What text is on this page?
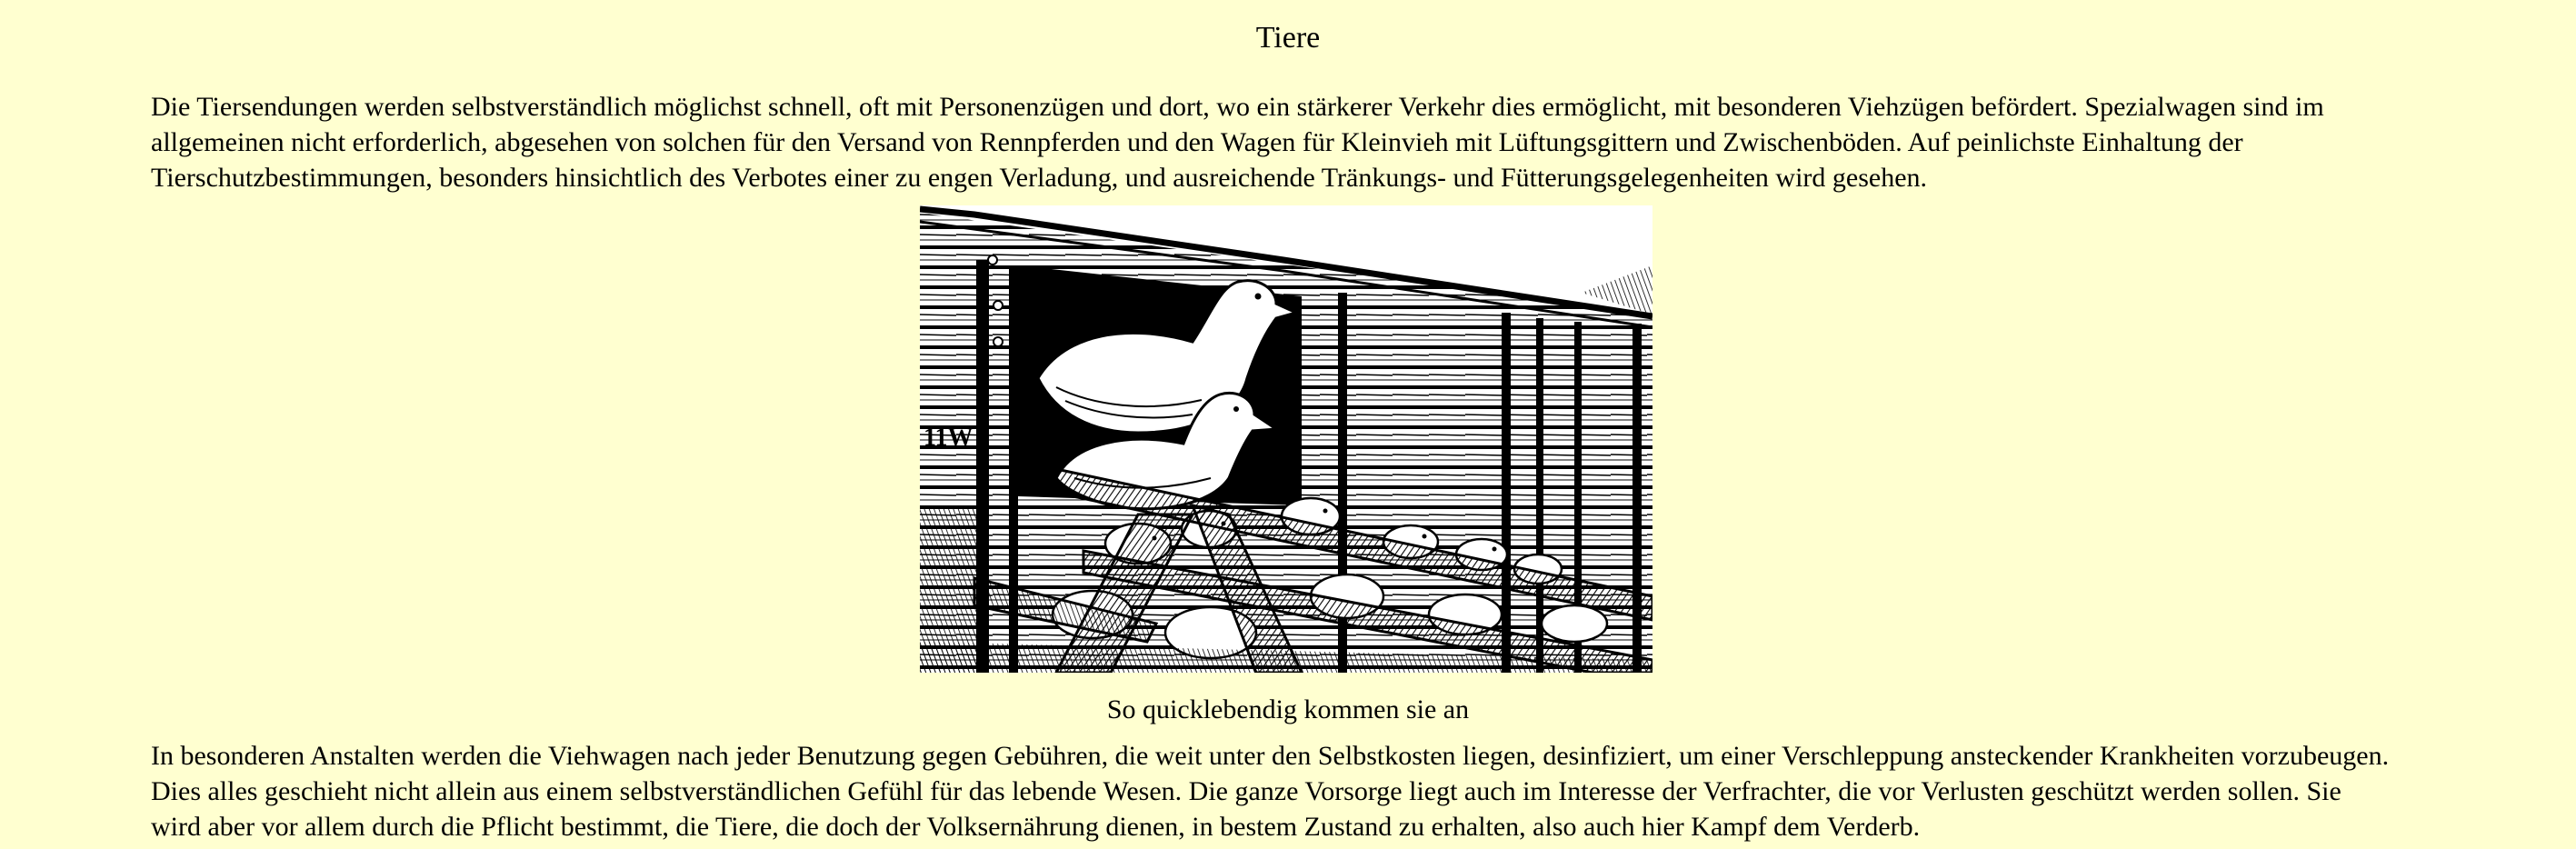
Tiere

Die Tiersendungen werden selbstverständlich möglichst schnell, oft mit Personenzügen und dort, wo ein stärkerer Verkehr dies ermöglicht, mit besonderen Viehzügen befördert. Spezialwagen sind im allgemeinen nicht erforderlich, abgesehen von solchen für den Versand von Rennpferden und den Wagen für Kleinvieh mit Lüftungsgittern und Zwischenböden. Auf peinlichste Einhaltung der Tierschutzbestimmungen, besonders hinsichtlich des Verbotes einer zu engen Verladung, und ausreichende Tränkungs- und Fütterungsgelegenheiten wird gesehen.

11W
So quicklebendig kommen sie an

In besonderen Anstalten werden die Viehwagen nach jeder Benutzung gegen Gebühren, die weit unter den Selbstkosten liegen, desinfiziert, um einer Verschleppung ansteckender Krankheiten vorzubeugen. Dies alles geschieht nicht allein aus einem selbstverständlichen Gefühl für das lebende Wesen. Die ganze Vorsorge liegt auch im Interesse der Verfrachter, die vor Verlusten geschützt werden sollen. Sie wird aber vor allem durch die Pflicht bestimmt, die Tiere, die doch der Volksernährung dienen, in bestem Zustand zu erhalten, also auch hier Kampf dem Verderb.
